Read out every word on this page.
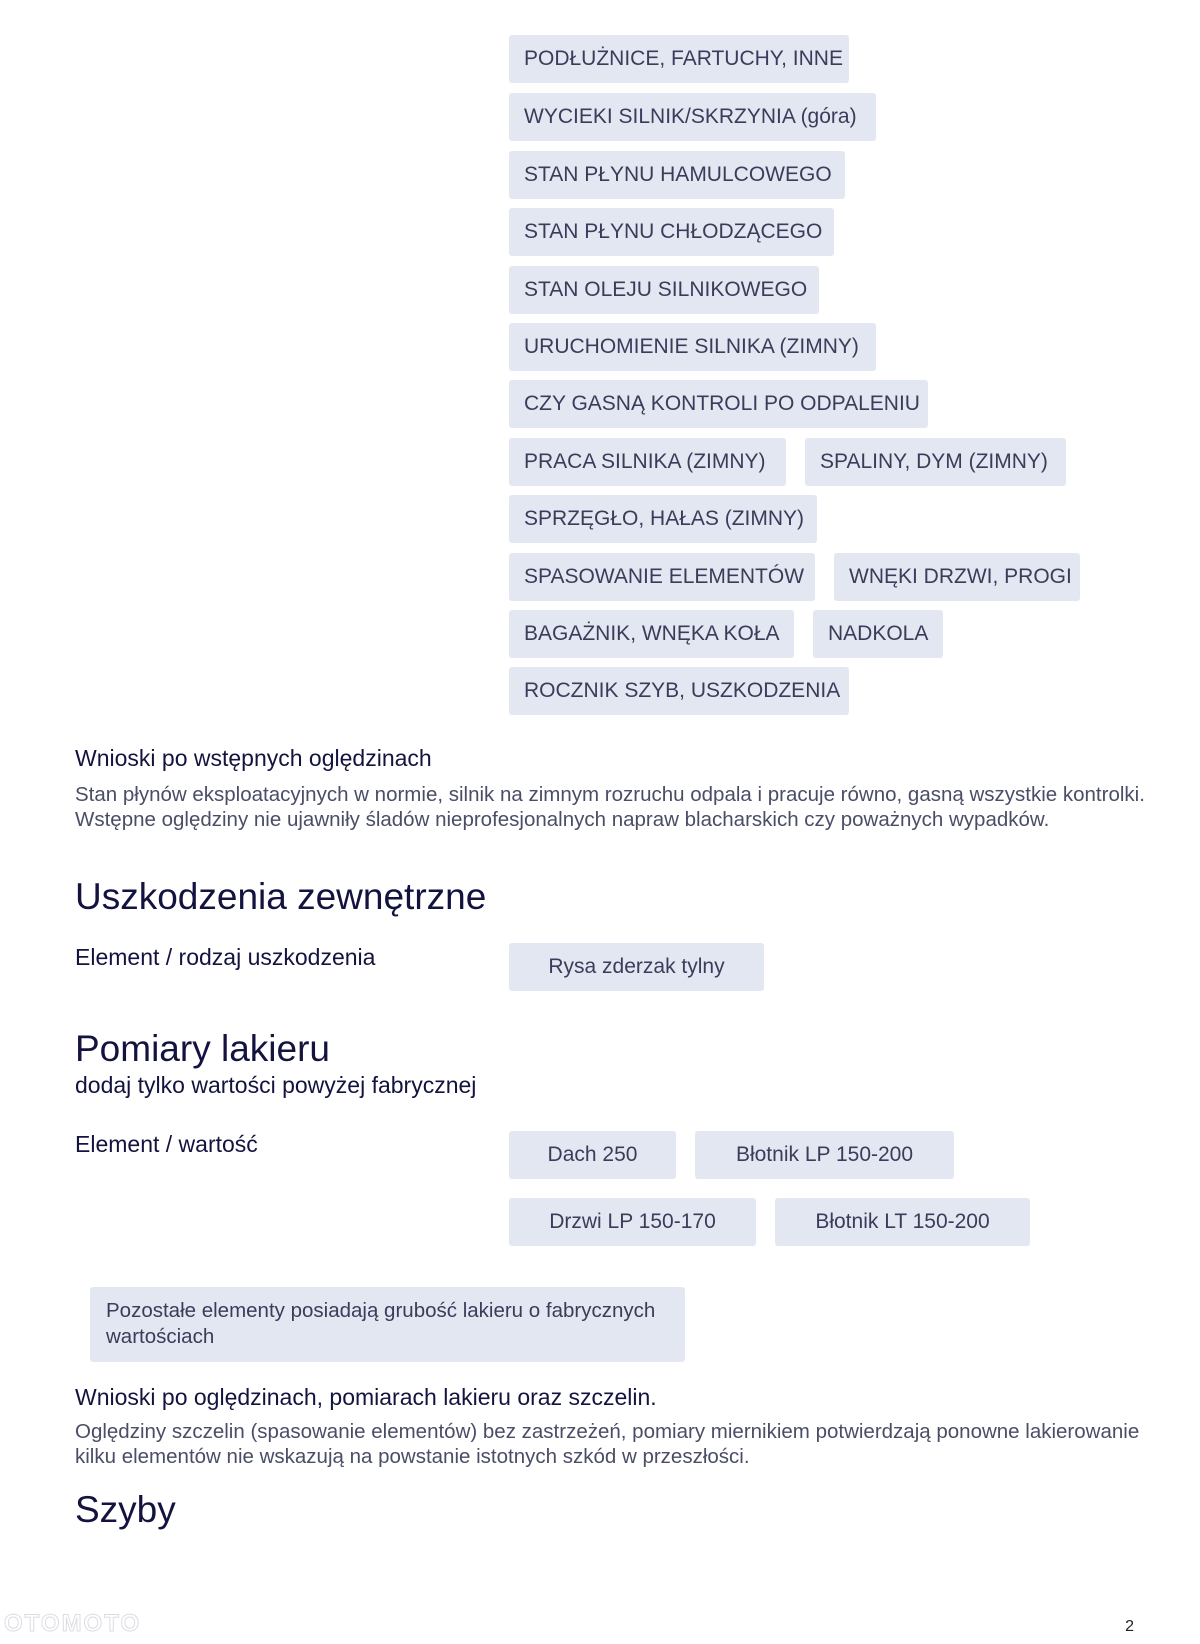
PODŁUŻNICE, FARTUCHY, INNE
WYCIEKI SILNIK/SKRZYNIA (góra)
STAN PŁYNU HAMULCOWEGO
STAN PŁYNU CHŁODZĄCEGO
STAN OLEJU SILNIKOWEGO
URUCHOMIENIE SILNIKA (ZIMNY)
CZY GASNĄ KONTROLI PO ODPALENIU
PRACA SILNIKA (ZIMNY)	SPALINY, DYM (ZIMNY)
SPRZĘGŁO, HAŁAS (ZIMNY)
SPASOWANIE ELEMENTÓW	WNĘKI DRZWI, PROGI
BAGAŻNIK, WNĘKA KOŁA	NADKOLA
ROCZNIK SZYB, USZKODZENIA
Wnioski po wstępnych oględzinach
Stan płynów eksploatacyjnych w normie, silnik na zimnym rozruchu odpala i pracuje równo, gasną wszystkie kontrolki. Wstępne oględziny nie ujawniły śladów nieprofesjonalnych napraw blacharskich czy poważnych wypadków.
Uszkodzenia zewnętrzne
Element / rodzaj uszkodzenia	Rysa zderzak tylny
Pomiary lakieru
dodaj tylko wartości powyżej fabrycznej
Element / wartość	Dach 250	Błotnik LP 150-200
Drzwi LP 150-170	Błotnik LT 150-200
Pozostałe elementy posiadają grubość lakieru o fabrycznych wartościach
Wnioski po oględzinach, pomiarach lakieru oraz szczelin.
Oględziny szczelin (spasowanie elementów) bez zastrzeżeń, pomiary miernikiem potwierdzają ponowne lakierowanie kilku elementów nie wskazują na powstanie istotnych szkód w przeszłości.
Szyby
OTOMOTO	2
